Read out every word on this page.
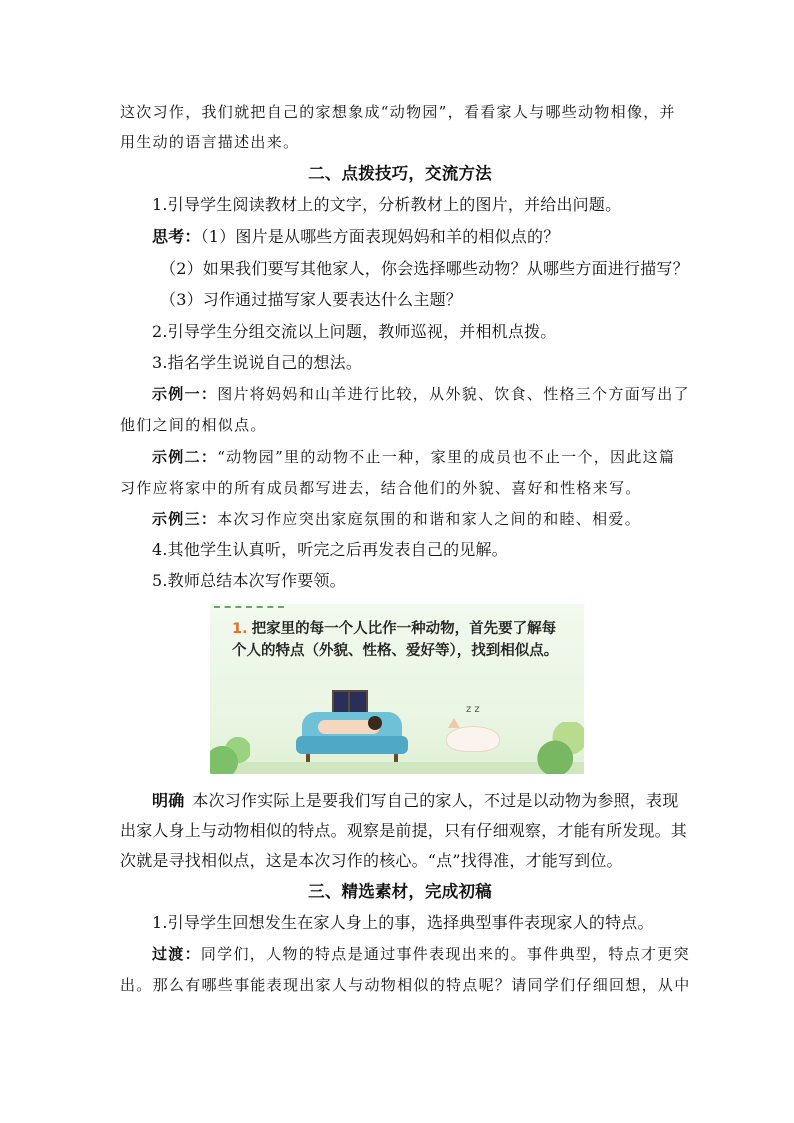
这次习作，我们就把自己的家想象成“动物园”，看看家人与哪些动物相像，并
用生动的语言描述出来。
二、点拨技巧，交流方法
1.引导学生阅读教材上的文字，分析教材上的图片，并给出问题。
思考：（1）图片是从哪些方面表现妈妈和羊的相似点的？
（2）如果我们要写其他家人，你会选择哪些动物？从哪些方面进行描写？
（3）习作通过描写家人要表达什么主题？
2.引导学生分组交流以上问题，教师巡视，并相机点拨。
3.指名学生说说自己的想法。
示例一：图片将妈妈和山羊进行比较，从外貌、饮食、性格三个方面写出了
他们之间的相似点。
示例二：“动物园”里的动物不止一种，家里的成员也不止一个，因此这篇
习作应将家中的所有成员都写进去，结合他们的外貌、喜好和性格来写。
示例三：本次习作应突出家庭氛围的和谐和家人之间的和睦、相爱。
4.其他学生认真听，听完之后再发表自己的见解。
5.教师总结本次写作要领。
1. 把家里的每一个人比作一种动物，首先要了解每个人的特点（外貌、性格、爱好等），找到相似点。
z z
明确 本次习作实际上是要我们写自己的家人，不过是以动物为参照，表现
出家人身上与动物相似的特点。观察是前提，只有仔细观察，才能有所发现。其
次就是寻找相似点，这是本次习作的核心。“点”找得准，才能写到位。
三、精选素材，完成初稿
1.引导学生回想发生在家人身上的事，选择典型事件表现家人的特点。
过渡：同学们，人物的特点是通过事件表现出来的。事件典型，特点才更突
出。那么有哪些事能表现出家人与动物相似的特点呢？请同学们仔细回想，从中
